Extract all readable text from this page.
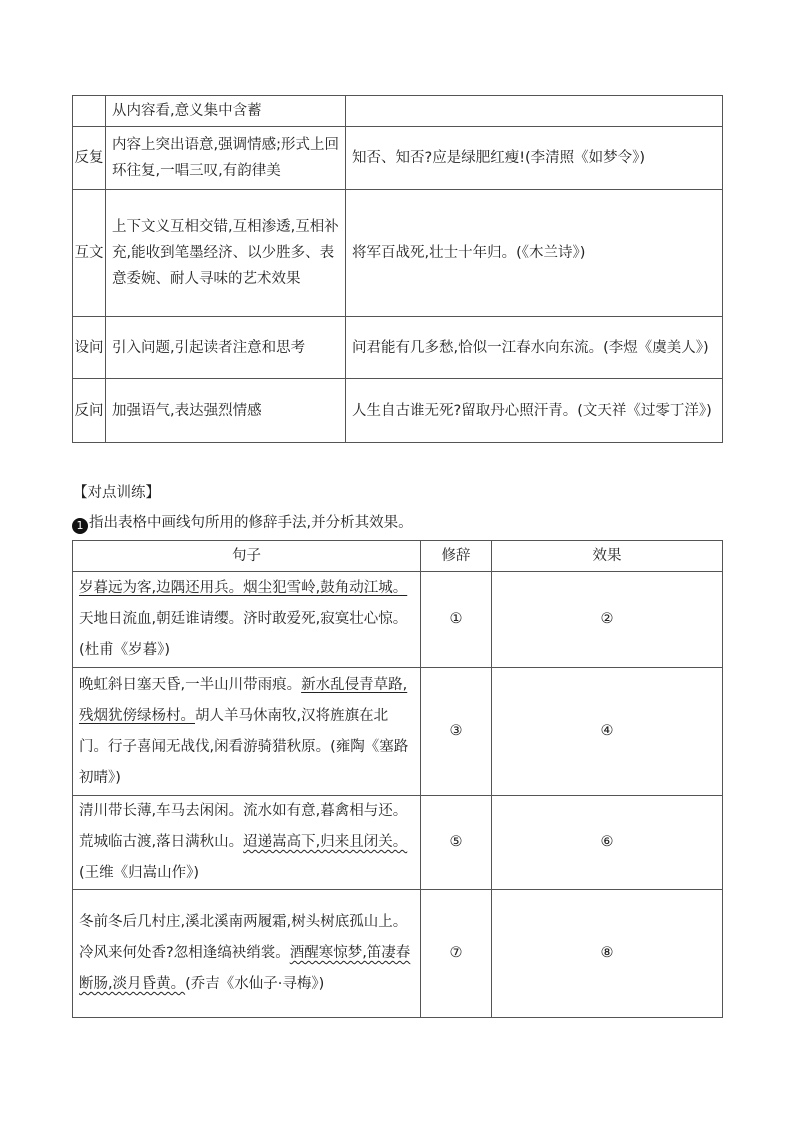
	从内容看,意义集中含蓄	
反复	内容上突出语意,强调情感;形式上回环往复,一唱三叹,有韵律美	知否、知否?应是绿肥红瘦!(李清照《如梦令》)
互文	上下文义互相交错,互相渗透,互相补充,能收到笔墨经济、以少胜多、表意委婉、耐人寻味的艺术效果	将军百战死,壮士十年归。(《木兰诗》)
设问	引入问题,引起读者注意和思考	问君能有几多愁,恰似一江春水向东流。(李煜《虞美人》)
反问	加强语气,表达强烈情感	人生自古谁无死?留取丹心照汗青。(文天祥《过零丁洋》)
【对点训练】
1 指出表格中画线句所用的修辞手法,并分析其效果。
句子	修辞	效果
岁暮远为客,边隅还用兵。烟尘犯雪岭,鼓角动江城。天地日流血,朝廷谁请缨。济时敢爱死,寂寞壮心惊。(杜甫《岁暮》)	①	②
晚虹斜日塞天昏,一半山川带雨痕。新水乱侵青草路,残烟犹傍绿杨村。胡人羊马休南牧,汉将旌旗在北门。行子喜闻无战伐,闲看游骑猎秋原。(雍陶《塞路初晴》)	③	④
清川带长薄,车马去闲闲。流水如有意,暮禽相与还。荒城临古渡,落日满秋山。迢递嵩高下,归来且闭关。(王维《归嵩山作》)	⑤	⑥
冬前冬后几村庄,溪北溪南两履霜,树头树底孤山上。冷风来何处香?忽相逢缟袂绡裳。酒醒寒惊梦,笛凄春断肠,淡月昏黄。(乔吉《水仙子·寻梅》)	⑦	⑧
